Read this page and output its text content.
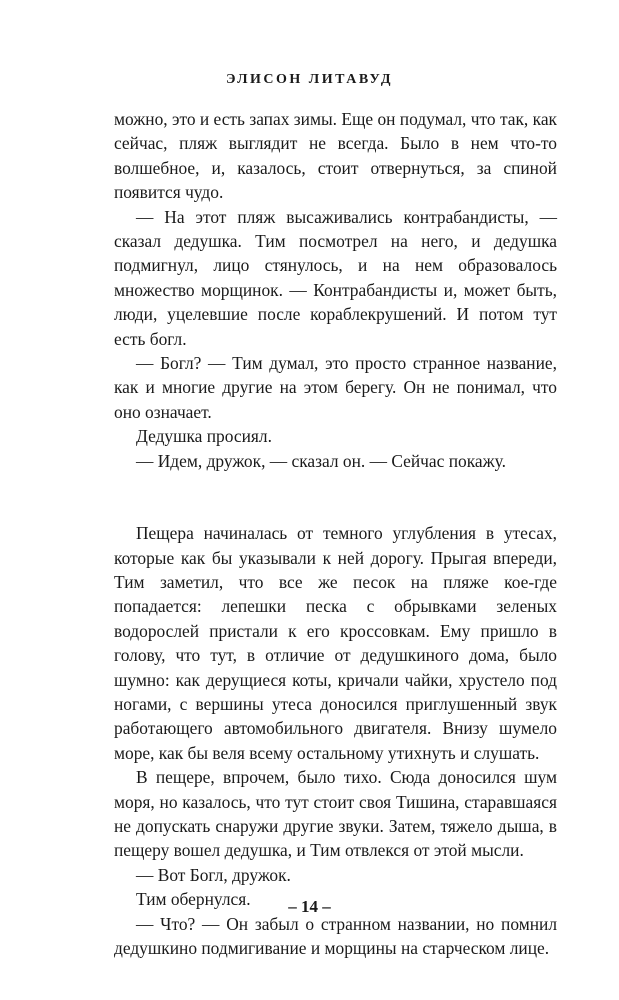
ЭЛИСОН ЛИТАВУД

можно, это и есть запах зимы. Еще он подумал, что так, как сейчас, пляж выглядит не всегда. Было в нем что-то волшебное, и, казалось, стоит отвернуться, за спиной появится чудо.

— На этот пляж высаживались контрабандисты, — сказал дедушка. Тим посмотрел на него, и дедушка подмигнул, лицо стянулось, и на нем образовалось множество морщинок. — Контрабандисты и, может быть, люди, уцелевшие после кораблекрушений. И потом тут есть богл.

— Богл? — Тим думал, это просто странное название, как и многие другие на этом берегу. Он не понимал, что оно означает.

Дедушка просиял.

— Идем, дружок, — сказал он. — Сейчас покажу.

Пещера начиналась от темного углубления в утесах, которые как бы указывали к ней дорогу. Прыгая впереди, Тим заметил, что все же песок на пляже кое-где попадается: лепешки песка с обрывками зеленых водорослей пристали к его кроссовкам. Ему пришло в голову, что тут, в отличие от дедушкиного дома, было шумно: как дерущиеся коты, кричали чайки, хрустело под ногами, с вершины утеса доносился приглушенный звук работающего автомобильного двигателя. Внизу шумело море, как бы веля всему остальному утихнуть и слушать.

В пещере, впрочем, было тихо. Сюда доносился шум моря, но казалось, что тут стоит своя Тишина, старавшаяся не допускать снаружи другие звуки. Затем, тяжело дыша, в пещеру вошел дедушка, и Тим отвлекся от этой мысли.

— Вот Богл, дружок.

Тим обернулся.

— Что? — Он забыл о странном названии, но помнил дедушкино подмигивание и морщины на старческом лице.

– 14 –
